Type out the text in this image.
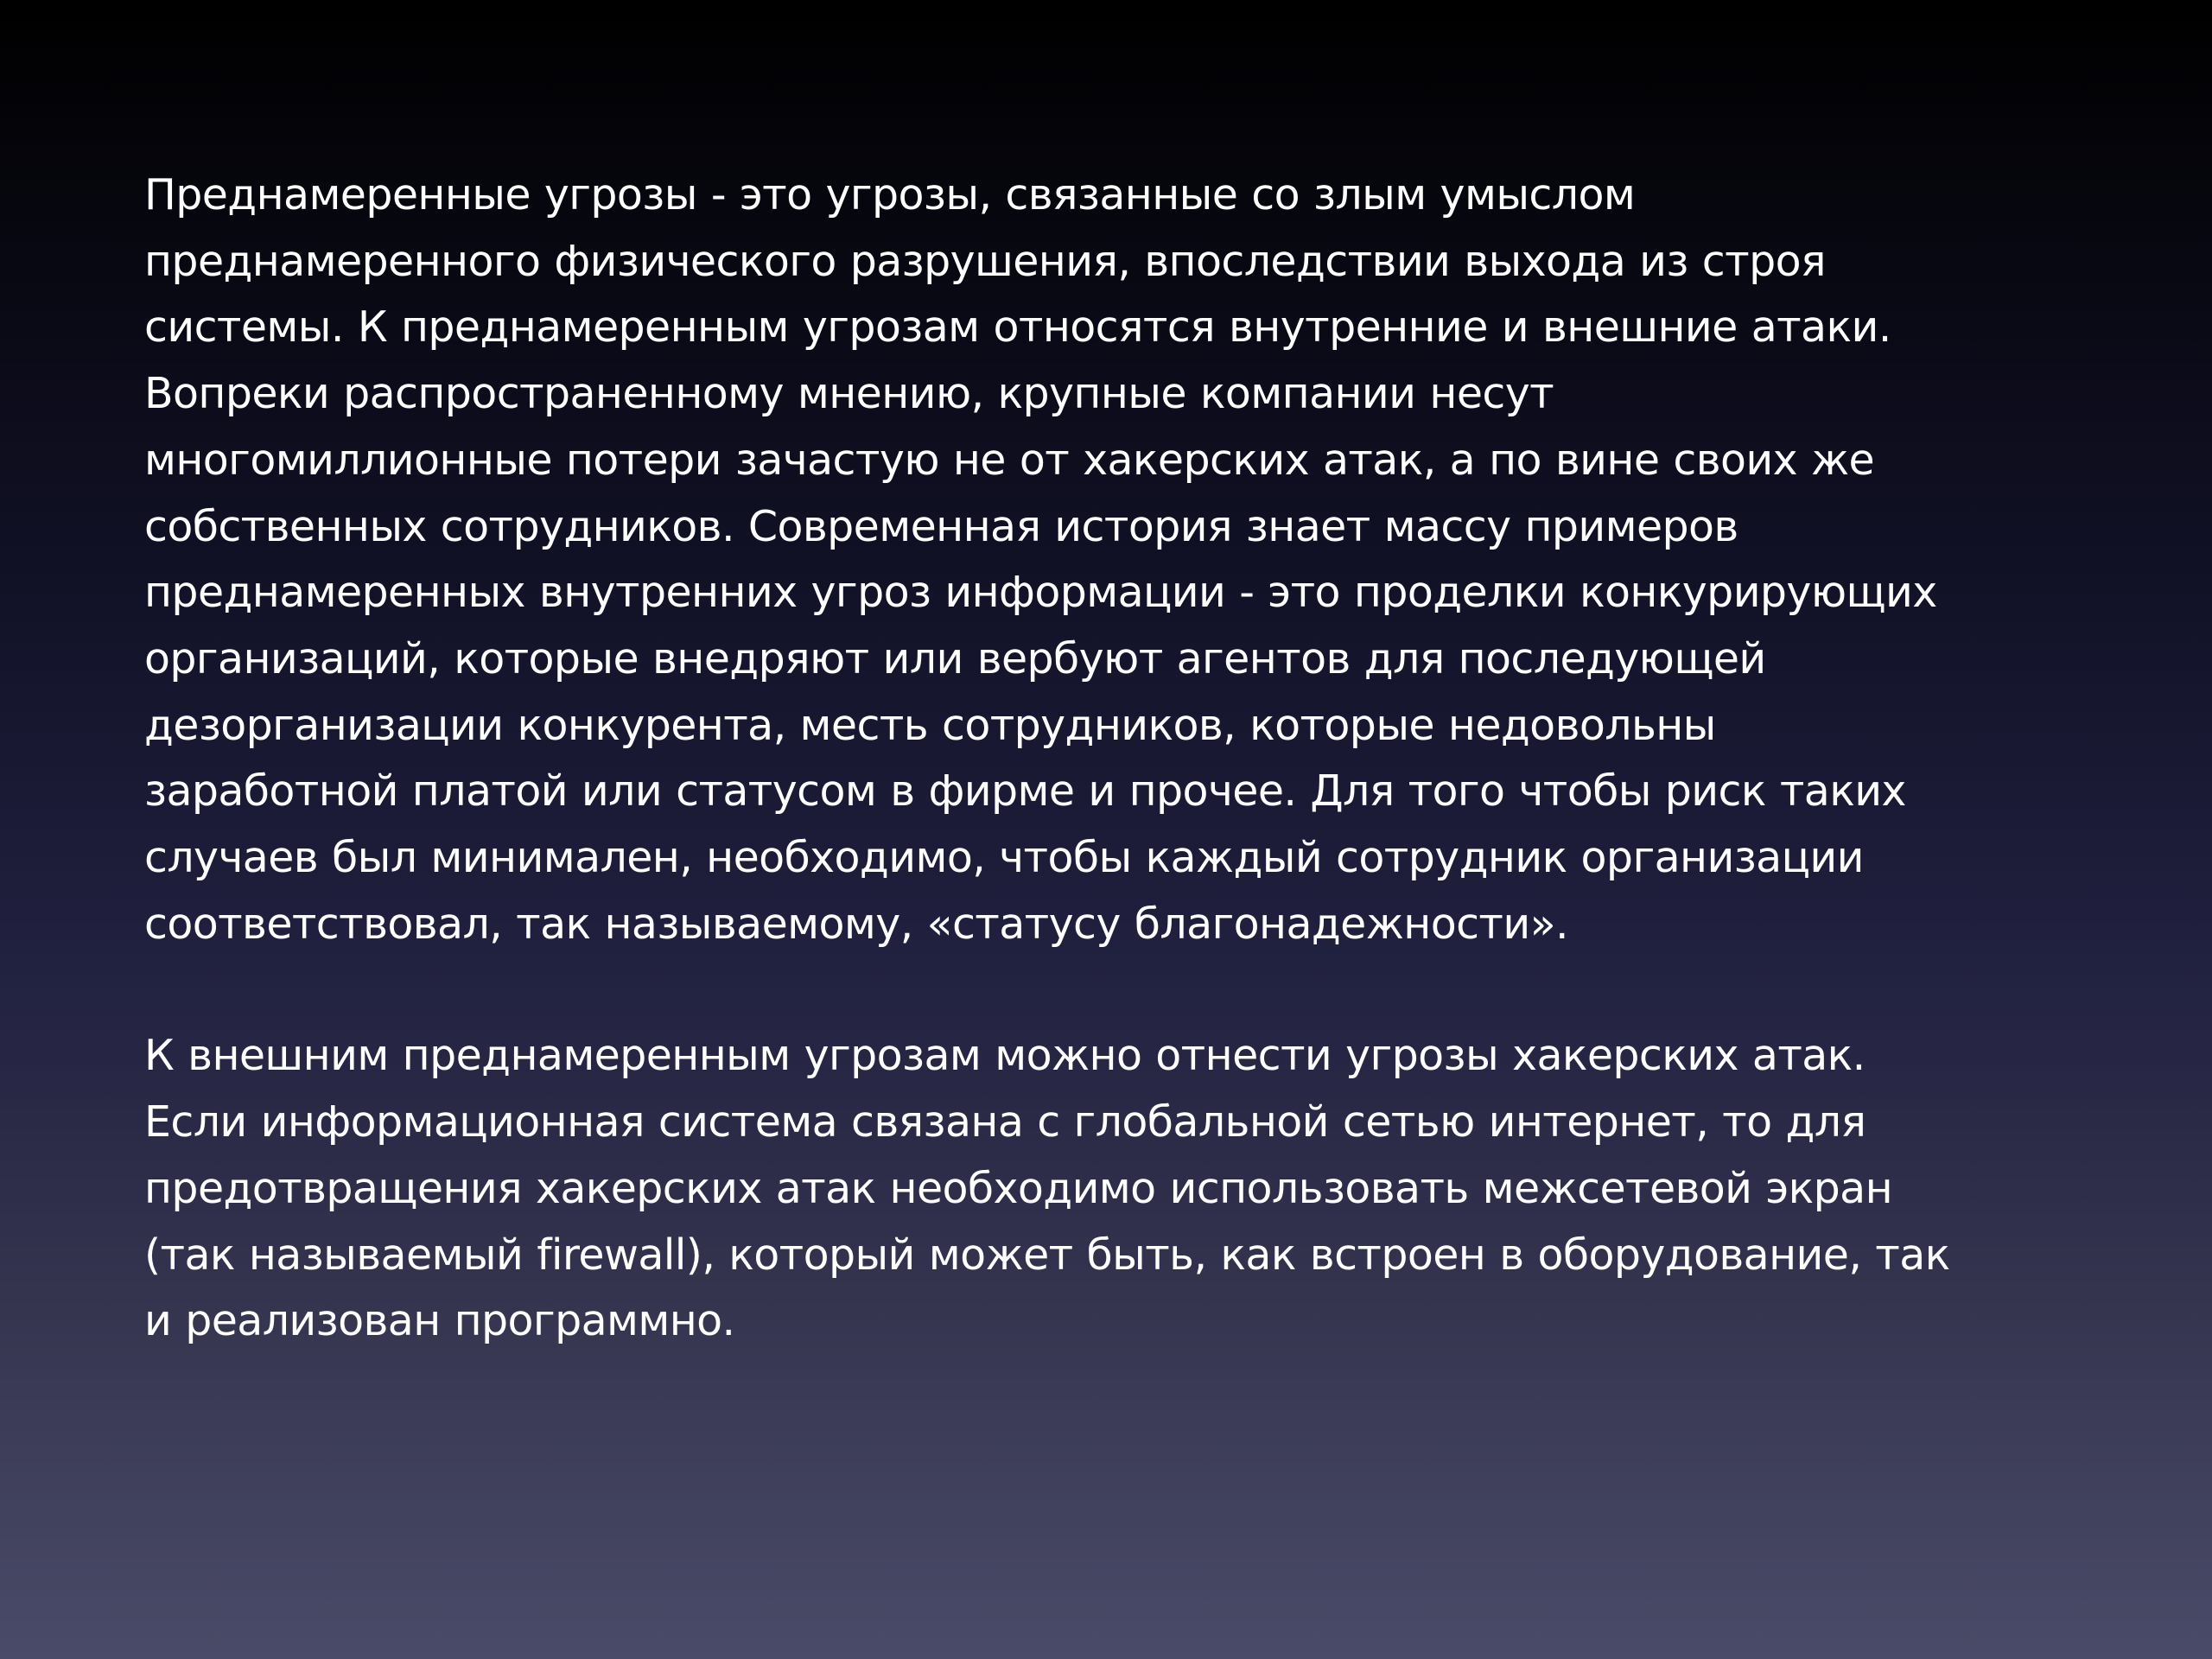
Преднамеренные угрозы - это угрозы, связанные со злым умыслом
преднамеренного физического разрушения, впоследствии выхода из строя
системы. К преднамеренным угрозам относятся внутренние и внешние атаки.
Вопреки распространенному мнению, крупные компании несут
многомиллионные потери зачастую не от хакерских атак, а по вине своих же
собственных сотрудников. Современная история знает массу примеров
преднамеренных внутренних угроз информации - это проделки конкурирующих
организаций, которые внедряют или вербуют агентов для последующей
дезорганизации конкурента, месть сотрудников, которые недовольны
заработной платой или статусом в фирме и прочее. Для того чтобы риск таких
случаев был минимален, необходимо, чтобы каждый сотрудник организации
соответствовал, так называемому, «статусу благонадежности».
К внешним преднамеренным угрозам можно отнести угрозы хакерских атак.
Если информационная система связана с глобальной сетью интернет, то для
предотвращения хакерских атак необходимо использовать межсетевой экран
(так называемый firewall), который может быть, как встроен в оборудование, так
и реализован программно.
